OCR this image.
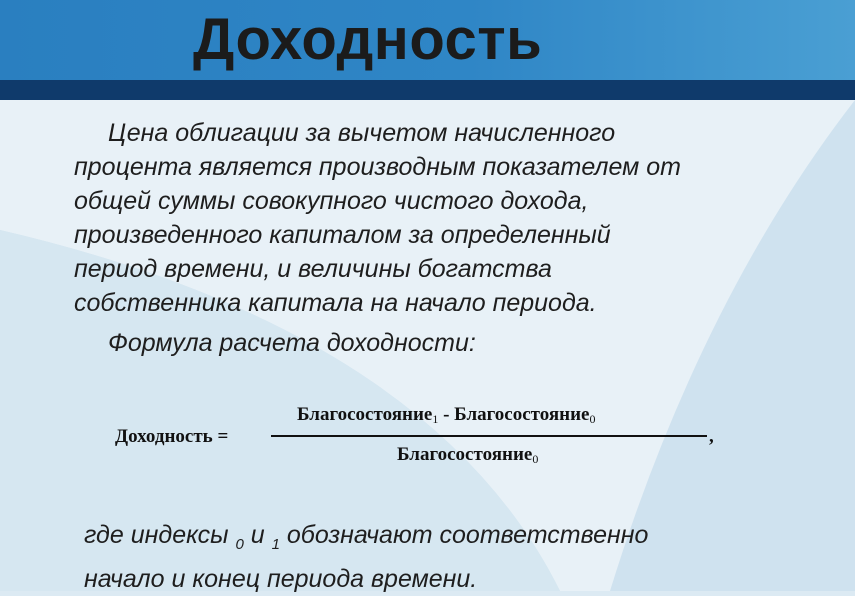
Доходность

Цена облигации за вычетом начисленного
процента является производным показателем от
общей суммы совокупного чистого дохода,
произведенного капиталом за определенный
период времени, и величины богатства
собственника капитала на начало периода.

Формула расчета доходности:

Доходность =
Благосостояние$_1$ - Благосостояние$_0$
Благосостояние$_0$
,

где индексы $_0$ и $_1$ обозначают соответственно
начало и конец периода времени.
